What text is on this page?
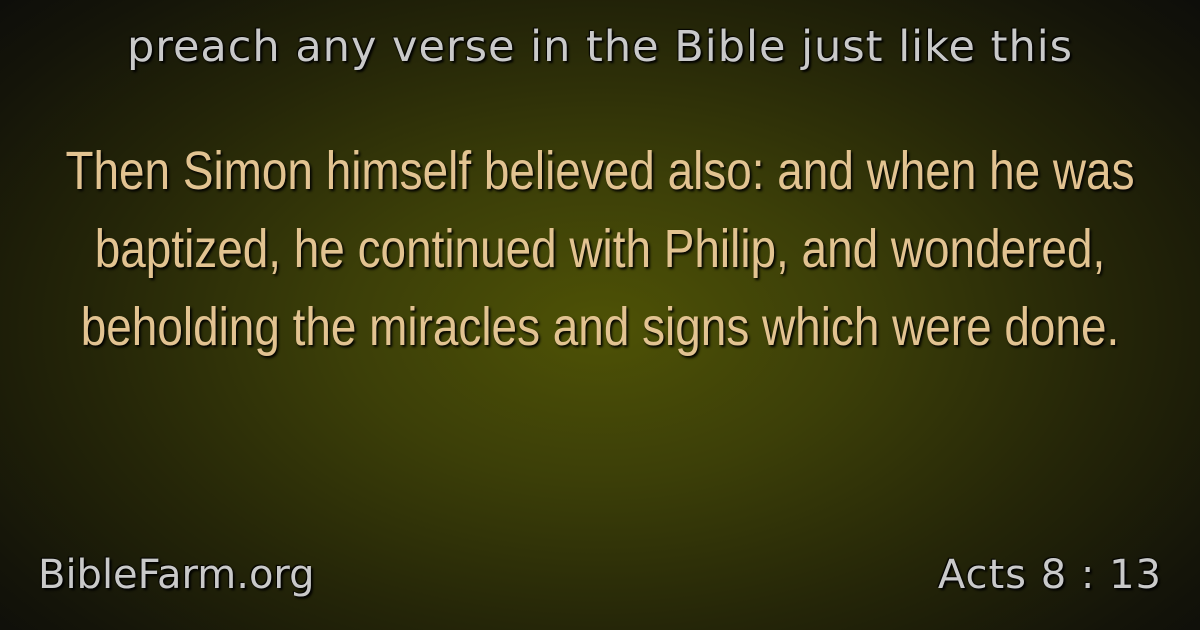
preach any verse in the Bible just like this
Then Simon himself believed also: and when he was baptized, he continued with Philip, and wondered, beholding the miracles and signs which were done.
BibleFarm.org	Acts 8 : 13
